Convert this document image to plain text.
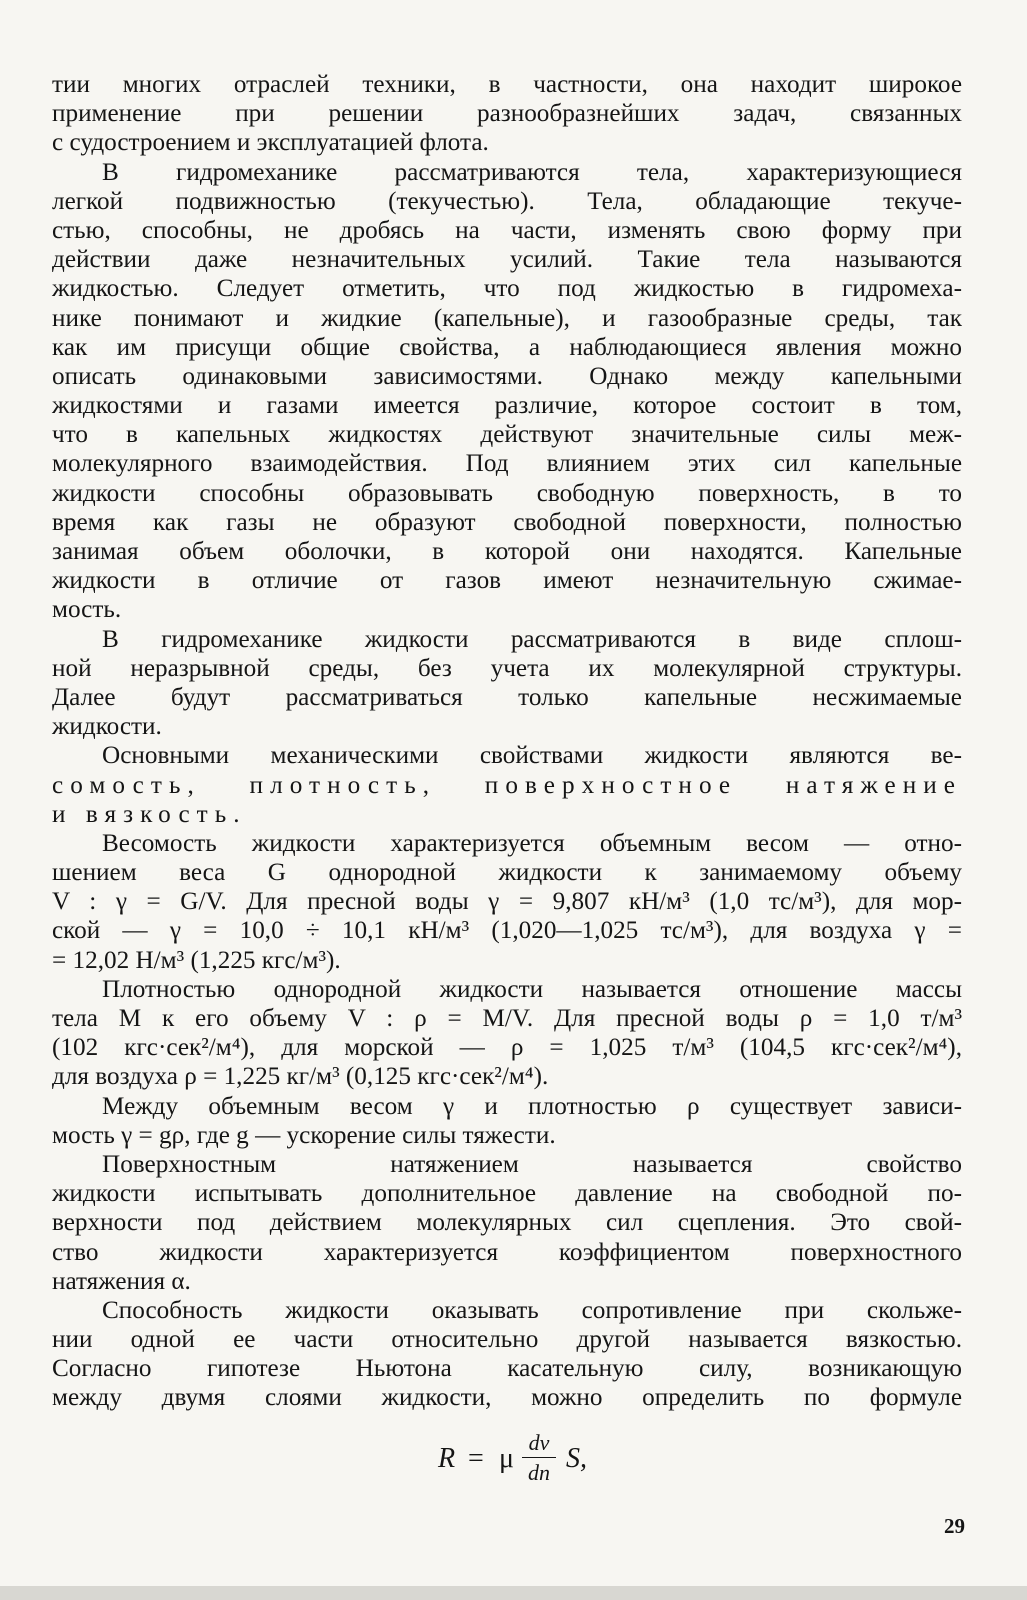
тии многих отраслей техники, в частности, она находит широкое
применение при решении разнообразнейших задач, связанных
с судостроением и эксплуатацией флота.
В гидромеханике рассматриваются тела, характеризующиеся
легкой подвижностью (текучестью). Тела, обладающие текуче-
стью, способны, не дробясь на части, изменять свою форму при
действии даже незначительных усилий. Такие тела называются
жидкостью. Следует отметить, что под жидкостью в гидромеха-
нике понимают и жидкие (капельные), и газообразные среды, так
как им присущи общие свойства, а наблюдающиеся явления можно
описать одинаковыми зависимостями. Однако между капельными
жидкостями и газами имеется различие, которое состоит в том,
что в капельных жидкостях действуют значительные силы меж-
молекулярного взаимодействия. Под влиянием этих сил капельные
жидкости способны образовывать свободную поверхность, в то
время как газы не образуют свободной поверхности, полностью
занимая объем оболочки, в которой они находятся. Капельные
жидкости в отличие от газов имеют незначительную сжимае-
мость.
В гидромеханике жидкости рассматриваются в виде сплош-
ной неразрывной среды, без учета их молекулярной структуры.
Далее будут рассматриваться только капельные несжимаемые
жидкости.
Основными механическими свойствами жидкости являются ве-
сомость, плотность, поверхностное натяжение
и вязкость.
Весомость жидкости характеризуется объемным весом — отно-
шением веса G однородной жидкости к занимаемому объему
V : γ = G/V. Для пресной воды γ = 9,807 кН/м³ (1,0 тс/м³), для мор-
ской — γ = 10,0 ÷ 10,1 кН/м³ (1,020—1,025 тс/м³), для воздуха γ =
= 12,02 Н/м³ (1,225 кгс/м³).
Плотностью однородной жидкости называется отношение массы
тела M к его объему V : ρ = M/V. Для пресной воды ρ = 1,0 т/м³
(102 кгс·сек²/м⁴), для морской — ρ = 1,025 т/м³ (104,5 кгс·сек²/м⁴),
для воздуха ρ = 1,225 кг/м³ (0,125 кгс·сек²/м⁴).
Между объемным весом γ и плотностью ρ существует зависи-
мость γ = gρ, где g — ускорение силы тяжести.
Поверхностным натяжением называется свойство
жидкости испытывать дополнительное давление на свободной по-
верхности под действием молекулярных сил сцепления. Это свой-
ство жидкости характеризуется коэффициентом поверхностного
натяжения α.
Способность жидкости оказывать сопротивление при скольже-
нии одной ее части относительно другой называется вязкостью.
Согласно гипотезе Ньютона касательную силу, возникающую
между двумя слоями жидкости, можно определить по формуле
R = μ
dv
dn S,
29
